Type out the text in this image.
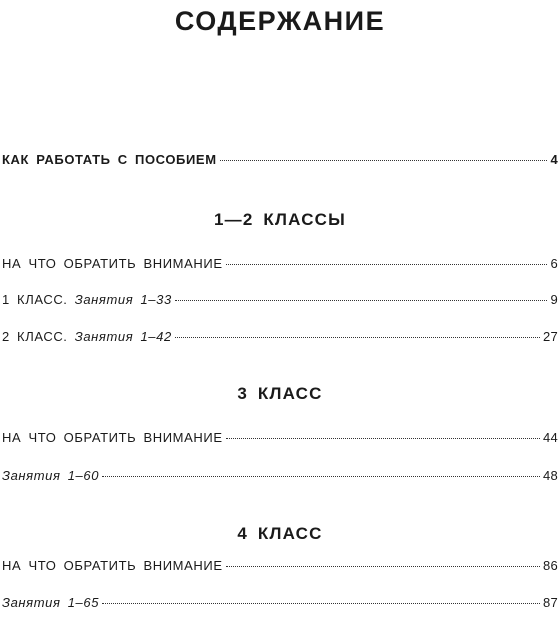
СОДЕРЖАНИЕ
КАК РАБОТАТЬ С ПОСОБИЕМ	4
1—2 КЛАССЫ
НА ЧТО ОБРАТИТЬ ВНИМАНИЕ	6
1 КЛАСС. Занятия 1–33	9
2 КЛАСС. Занятия 1–42	27
3 КЛАСС
НА ЧТО ОБРАТИТЬ ВНИМАНИЕ	44
Занятия 1–60	48
4 КЛАСС
НА ЧТО ОБРАТИТЬ ВНИМАНИЕ	86
Занятия 1–65	87
